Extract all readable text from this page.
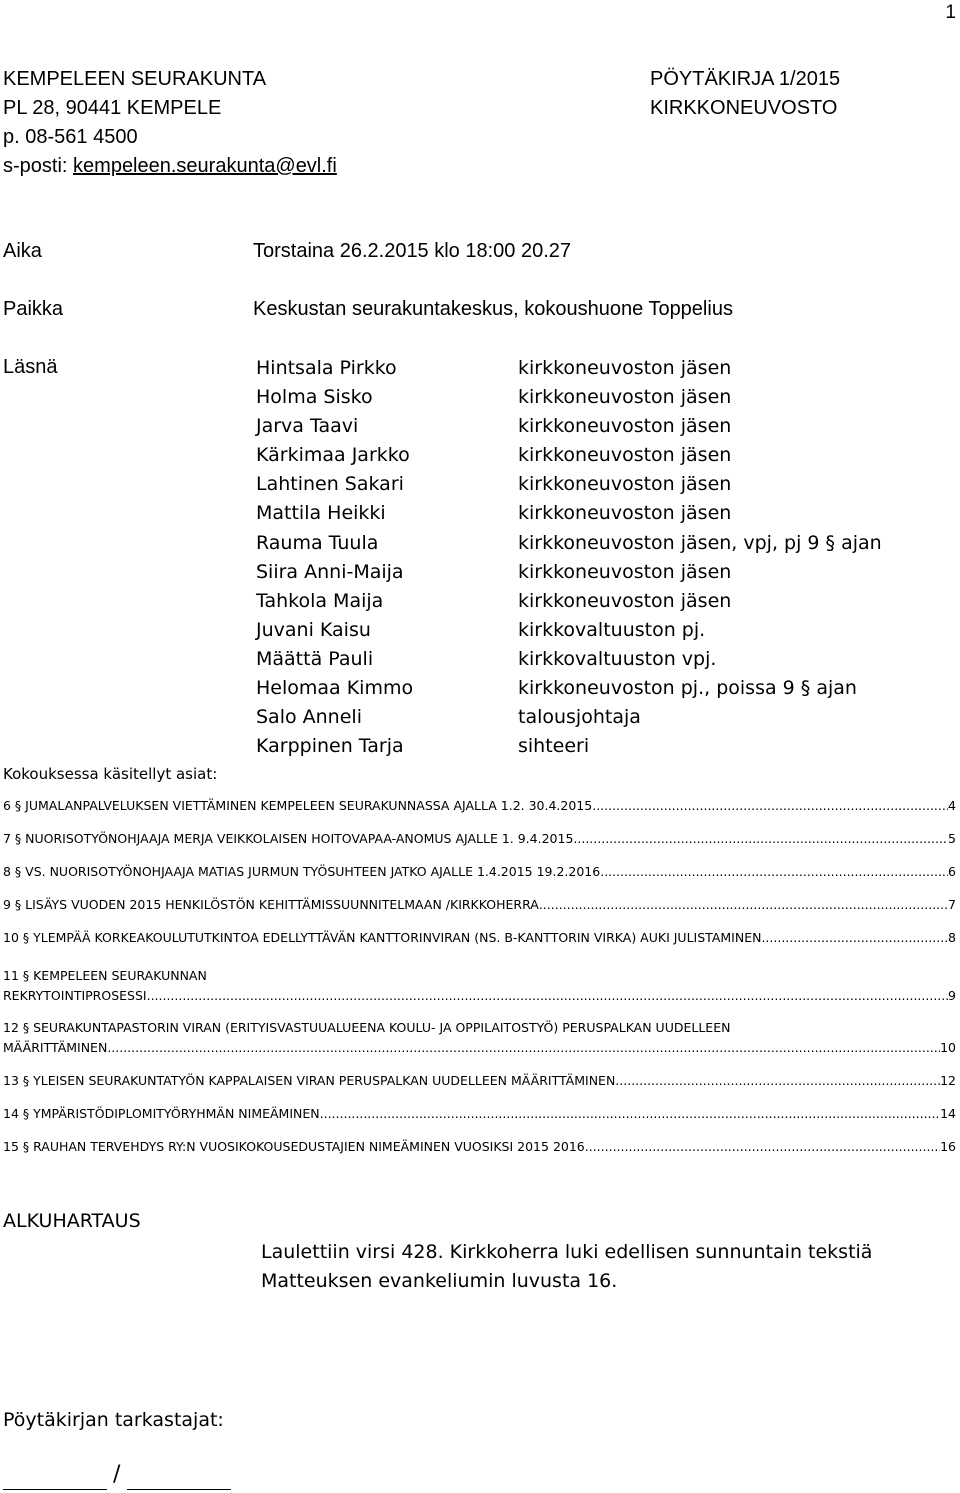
1
KEMPELEEN SEURAKUNTA
PL 28, 90441 KEMPELE
p. 08-561 4500
s-posti: kempeleen.seurakunta@evl.fi
PÖYTÄKIRJA 1/2015
KIRKKONEUVOSTO
Aika	Torstaina 26.2.2015 klo 18:00 20.27
Paikka	Keskustan seurakuntakeskus, kokoushuone Toppelius
Läsnä	Hintsala Pirkko	kirkkoneuvoston jäsen
Holma Sisko	kirkkoneuvoston jäsen
Jarva Taavi	kirkkoneuvoston jäsen
Kärkimaa Jarkko	kirkkoneuvoston jäsen
Lahtinen Sakari	kirkkoneuvoston jäsen
Mattila Heikki	kirkkoneuvoston jäsen
Rauma Tuula	kirkkoneuvoston jäsen, vpj, pj 9 § ajan
Siira Anni-Maija	kirkkoneuvoston jäsen
Tahkola Maija	kirkkoneuvoston jäsen
Juvani Kaisu	kirkkovaltuuston pj.
Määttä Pauli	kirkkovaltuuston vpj.
Helomaa Kimmo	kirkkoneuvoston pj., poissa 9 § ajan
Salo Anneli	talousjohtaja
Karppinen Tarja	sihteeri
Kokouksessa käsitellyt asiat:
6 § JUMALANPALVELUKSEN VIETTÄMINEN KEMPELEEN SEURAKUNNASSA AJALLA 1.2. 30.4.2015 .....	4
7 § NUORISOTYÖNOHJAAJA MERJA VEIKKOLAISEN HOITOVAPAA-ANOMUS AJALLE 1. 9.4.2015 .....	5
8 § VS. NUORISOTYÖNOHJAAJA MATIAS JURMUN TYÖSUHTEEN JATKO AJALLE 1.4.2015 19.2.2016 .....	6
9 § LISÄYS VUODEN 2015 HENKILÖSTÖN KEHITTÄMISSUUNNITELMAAN /KIRKKOHERRA .....	7
10 § YLEMPÄÄ KORKEAKOULUTUTKINTOA EDELLYTTÄVÄN KANTTORINVIRAN (NS. B-KANTTORIN VIRKA) AUKI JULISTAMINEN .....	8
11 § KEMPELEEN SEURAKUNNAN
REKRYTOINTIPROSESSI .....	9
12 § SEURAKUNTAPASTORIN VIRAN (ERITYISVASTUUALUEENA KOULU- JA OPPILAITOSTYÖ) PERUSPALKAN UUDELLEEN
MÄÄRITTÄMINEN .....	10
13 § YLEISEN SEURAKUNTATYÖN KAPPALAISEN VIRAN PERUSPALKAN UUDELLEEN MÄÄRITTÄMINEN .....	12
14 § YMPÄRISTÖDIPLOMITYÖRYHMÄN NIMEÄMINEN .....	14
15 § RAUHAN TERVEHDYS RY:N VUOSIKOKOUSEDUSTAJIEN NIMEÄMINEN VUOSIKSI 2015 2016 .....	16
ALKUHARTAUS
Laulettiin virsi 428. Kirkkoherra luki edellisen sunnuntain tekstiä
Matteuksen evankeliumin luvusta 16.
Pöytäkirjan tarkastajat:
/
